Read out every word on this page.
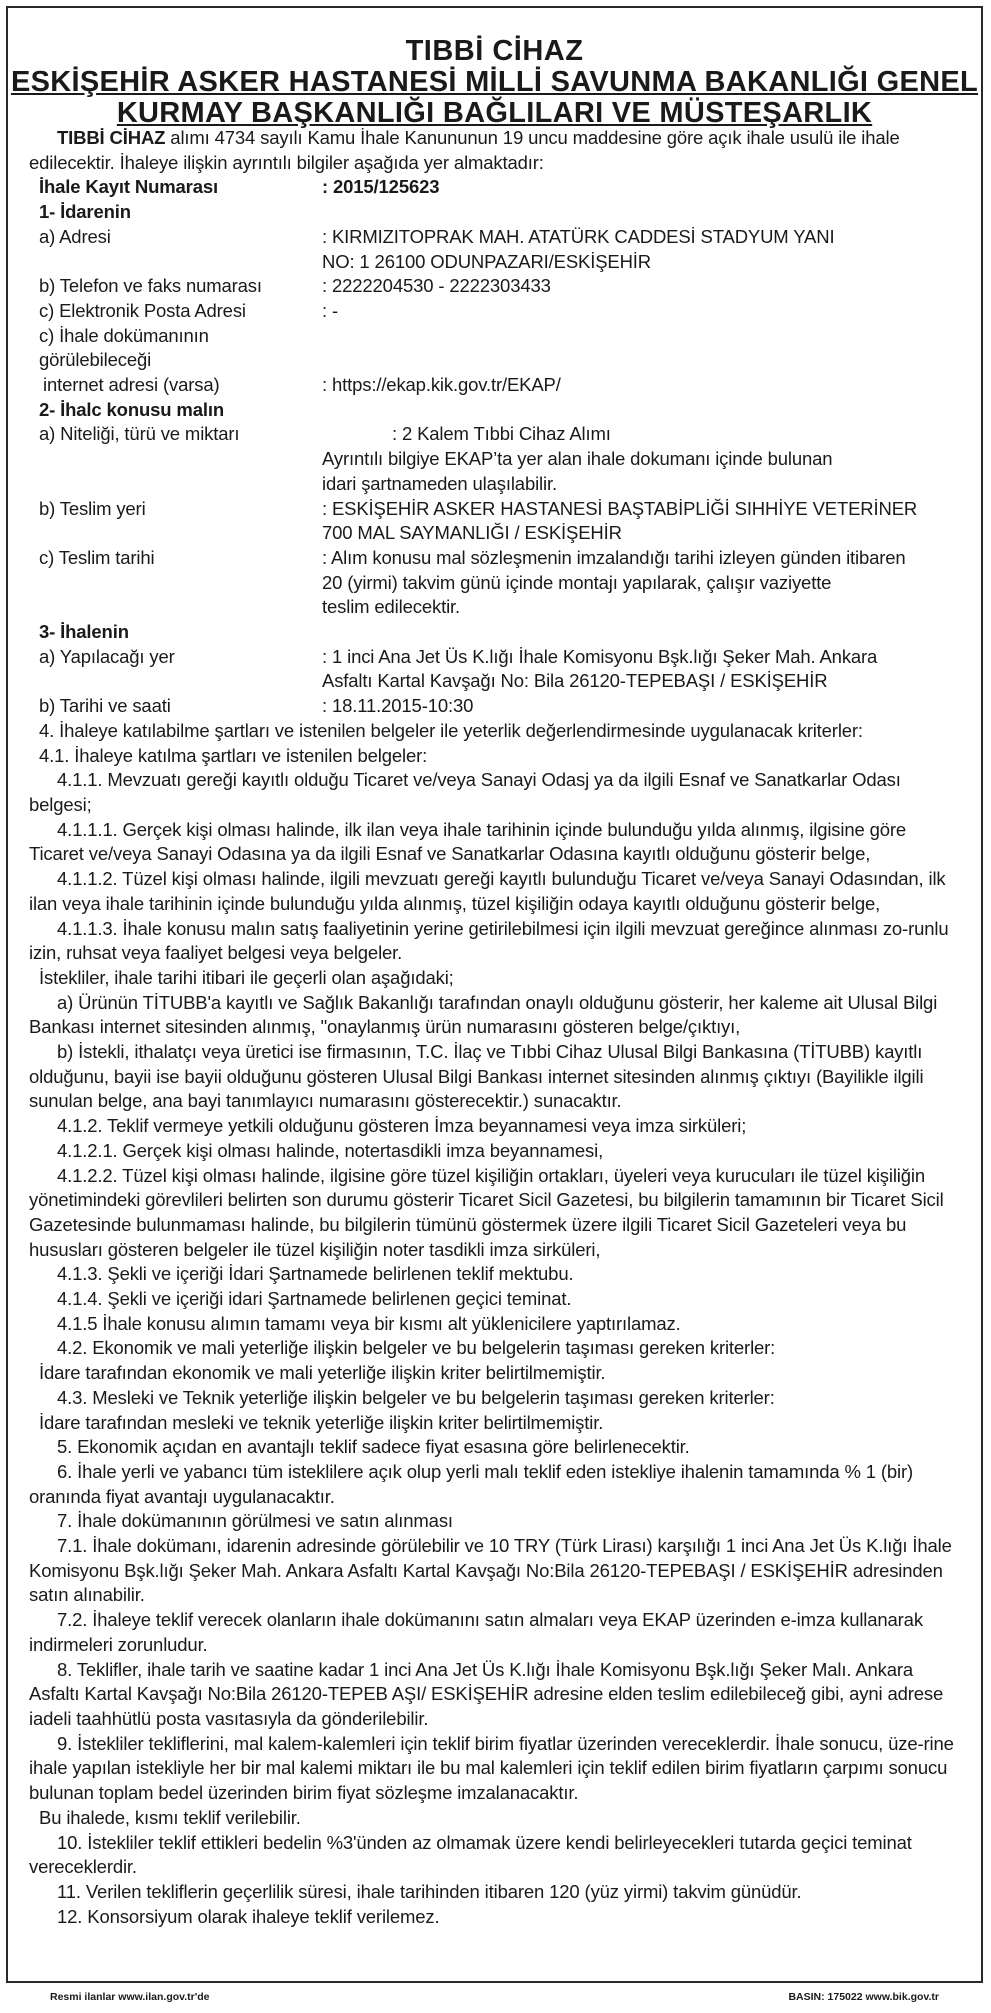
TIBBİ CİHAZ
ESKİŞEHİR ASKER HASTANESİ MİLLİ SAVUNMA BAKANLIĞI GENEL
KURMAY BAŞKANLIĞI BAĞLILARI VE MÜSTEŞARLIK
TIBBİ CİHAZ alımı 4734 sayılı Kamu İhale Kanununun 19 uncu maddesine göre açık ihale usulü ile ihale edilecektir. İhaleye ilişkin ayrıntılı bilgiler aşağıda yer almaktadır:
İhale Kayıt Numarası	: 2015/125623
1- İdarenin
a) Adresi	: KIRMIZITOPRAK MAH. ATATÜRK CADDESİ STADYUM YANI
NO: 1 26100 ODUNPAZARI/ESKİŞEHİR
b) Telefon ve faks numarası	: 2222204530 - 2222303433
c) Elektronik Posta Adresi	: -
c) İhale dokümanının görülebileceği
internet adresi (varsa)	: https://ekap.kik.gov.tr/EKAP/
2- İhalc konusu malın
a) Niteliği, türü ve miktarı	: 2 Kalem Tıbbi Cihaz Alımı
Ayrıntılı bilgiye EKAP’ta yer alan ihale dokumanı içinde bulunan
idari şartnameden ulaşılabilir.
b) Teslim yeri	: ESKİŞEHİR ASKER HASTANESİ BAŞTABİPLİĞİ SIHHİYE VETERİNER
700 MAL SAYMANLIĞI / ESKİŞEHİR
c) Teslim tarihi	: Alım konusu mal sözleşmenin imzalandığı tarihi izleyen günden itibaren
20 (yirmi) takvim günü içinde montajı yapılarak, çalışır vaziyette
teslim edilecektir.
3- İhalenin
a) Yapılacağı yer	: 1 inci Ana Jet Üs K.lığı İhale Komisyonu Bşk.lığı Şeker Mah. Ankara
Asfaltı Kartal Kavşağı No: Bila 26120-TEPEBAŞI / ESKİŞEHİR
b) Tarihi ve saati	: 18.11.2015-10:30
4. İhaleye katılabilme şartları ve istenilen belgeler ile yeterlik değerlendirmesinde uygulanacak kriterler:
4.1. İhaleye katılma şartları ve istenilen belgeler:
4.1.1. Mevzuatı gereği kayıtlı olduğu Ticaret ve/veya Sanayi Odasj ya da ilgili Esnaf ve Sanatkarlar Odası belgesi;
4.1.1.1. Gerçek kişi olması halinde, ilk ilan veya ihale tarihinin içinde bulunduğu yılda alınmış, ilgisine göre Ticaret ve/veya Sanayi Odasına ya da ilgili Esnaf ve Sanatkarlar Odasına kayıtlı olduğunu gösterir belge,
4.1.1.2. Tüzel kişi olması halinde, ilgili mevzuatı gereği kayıtlı bulunduğu Ticaret ve/veya Sanayi Odasından, ilk ilan veya ihale tarihinin içinde bulunduğu yılda alınmış, tüzel kişiliğin odaya kayıtlı olduğunu gösterir belge,
4.1.1.3. İhale konusu malın satış faaliyetinin yerine getirilebilmesi için ilgili mevzuat gereğince alınması zo-runlu izin, ruhsat veya faaliyet belgesi veya belgeler.
İstekliler, ihale tarihi itibari ile geçerli olan aşağıdaki;
a) Ürünün TİTUBB'a kayıtlı ve Sağlık Bakanlığı tarafından onaylı olduğunu gösterir, her kaleme ait Ulusal Bilgi Bankası internet sitesinden alınmış, "onaylanmış ürün numarasını gösteren belge/çıktıyı,
b) İstekli, ithalatçı veya üretici ise firmasının, T.C. İlaç ve Tıbbi Cihaz Ulusal Bilgi Bankasına (TİTUBB) kayıtlı olduğunu, bayii ise bayii olduğunu gösteren Ulusal Bilgi Bankası internet sitesinden alınmış çıktıyı (Bayilikle ilgili sunulan belge, ana bayi tanımlayıcı numarasını gösterecektir.) sunacaktır.
4.1.2. Teklif vermeye yetkili olduğunu gösteren İmza beyannamesi veya imza sirküleri;
4.1.2.1. Gerçek kişi olması halinde, notertasdikli imza beyannamesi,
4.1.2.2. Tüzel kişi olması halinde, ilgisine göre tüzel kişiliğin ortakları, üyeleri veya kurucuları ile tüzel kişiliğin yönetimindeki görevlileri belirten son durumu gösterir Ticaret Sicil Gazetesi, bu bilgilerin tamamının bir Ticaret Sicil Gazetesinde bulunmaması halinde, bu bilgilerin tümünü göstermek üzere ilgili Ticaret Sicil Gazeteleri veya bu hususları gösteren belgeler ile tüzel kişiliğin noter tasdikli imza sirküleri,
4.1.3. Şekli ve içeriği İdari Şartnamede belirlenen teklif mektubu.
4.1.4. Şekli ve içeriği idari Şartnamede belirlenen geçici teminat.
4.1.5 İhale konusu alımın tamamı veya bir kısmı alt yüklenicilere yaptırılamaz.
4.2. Ekonomik ve mali yeterliğe ilişkin belgeler ve bu belgelerin taşıması gereken kriterler:
İdare tarafından ekonomik ve mali yeterliğe ilişkin kriter belirtilmemiştir.
4.3. Mesleki ve Teknik yeterliğe ilişkin belgeler ve bu belgelerin taşıması gereken kriterler:
İdare tarafından mesleki ve teknik yeterliğe ilişkin kriter belirtilmemiştir.
5. Ekonomik açıdan en avantajlı teklif sadece fiyat esasına göre belirlenecektir.
6. İhale yerli ve yabancı tüm isteklilere açık olup yerli malı teklif eden istekliye ihalenin tamamında % 1 (bir) oranında fiyat avantajı uygulanacaktır.
7. İhale dokümanının görülmesi ve satın alınması
7.1. İhale dokümanı, idarenin adresinde görülebilir ve 10 TRY (Türk Lirası) karşılığı 1 inci Ana Jet Üs K.lığı İhale Komisyonu Bşk.lığı Şeker Mah. Ankara Asfaltı Kartal Kavşağı No:Bila 26120-TEPEBAŞI / ESKİŞEHİR adresinden satın alınabilir.
7.2. İhaleye teklif verecek olanların ihale dokümanını satın almaları veya EKAP üzerinden e-imza kullanarak indirmeleri zorunludur.
8. Teklifler, ihale tarih ve saatine kadar 1 inci Ana Jet Üs K.lığı İhale Komisyonu Bşk.lığı Şeker Malı. Ankara Asfaltı Kartal Kavşağı No:Bila 26120-TEPEB AŞI/ ESKİŞEHİR adresine elden teslim edilebileceğ gibi, ayni adrese iadeli taahhütlü posta vasıtasıyla da gönderilebilir.
9. İstekliler tekliflerini, mal kalem-kalemleri için teklif birim fiyatlar üzerinden vereceklerdir. İhale sonucu, üze-rine ihale yapılan istekliyle her bir mal kalemi miktarı ile bu mal kalemleri için teklif edilen birim fiyatların çarpımı sonucu bulunan toplam bedel üzerinden birim fiyat sözleşme imzalanacaktır.
Bu ihalede, kısmı teklif verilebilir.
10. İstekliler teklif ettikleri bedelin %3'ünden az olmamak üzere kendi belirleyecekleri tutarda geçici teminat vereceklerdir.
11. Verilen tekliflerin geçerlilik süresi, ihale tarihinden itibaren 120 (yüz yirmi) takvim günüdür.
12. Konsorsiyum olarak ihaleye teklif verilemez.
Resmi ilanlar www.ilan.gov.tr'de	BASIN: 175022 www.bik.gov.tr
